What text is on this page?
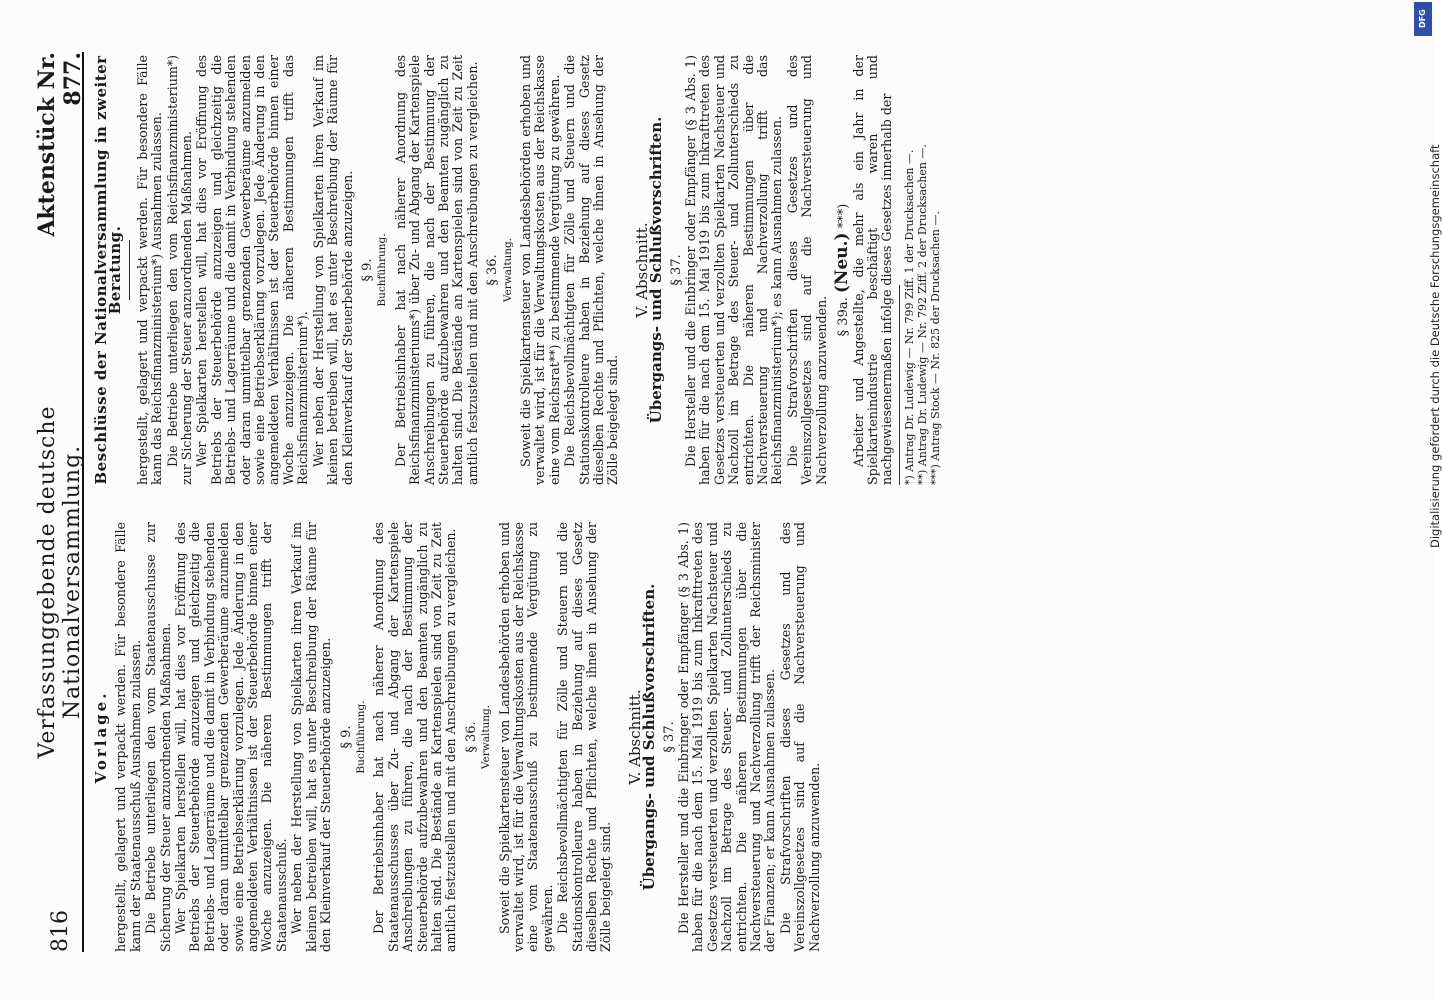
816
Verfassunggebende deutsche Nationalversammlung.
Aktenstück Nr. 877.
Vorlage. hergestellt, gelagert und verpackt werden. Für besondere Fälle kann der Staatenausschuß Ausnahmen zulassen. Die Betriebe unterliegen den vom Staatenausschusse zur Sicherung der Steuer anzuordnenden Maßnahmen. Wer Spielkarten herstellen will, hat dies vor Eröffnung des Betriebs der Steuerbehörde anzuzeigen und gleichzeitig die Betriebs- und Lagerräume und die damit in Verbindung stehenden oder daran unmittelbar grenzenden Gewerberäume anzumelden sowie eine Betriebserklärung vorzulegen. Jede Änderung in den angemeldeten Verhältnissen ist der Steuerbehörde binnen einer Woche anzuzeigen. Die näheren Bestimmungen trifft der Staatenausschuß. Wer neben der Herstellung von Spielkarten ihren Verkauf im kleinen betreiben will, hat es unter Beschreibung der Räume für den Kleinverkauf der Steuerbehörde anzuzeigen. § 9. Buchführung. Der Betriebsinhaber hat nach näherer Anordnung des Staatenausschusses über Zu- und Abgang der Kartenspiele Anschreibungen zu führen, die nach der Bestimmung der Steuerbehörde aufzubewahren und den Beamten zugänglich zu halten sind. Die Bestände an Kartenspielen sind von Zeit zu Zeit amtlich festzustellen und mit den Anschreibungen zu vergleichen. § 36. Verwaltung. Soweit die Spielkartensteuer von Landesbehörden erhoben und verwaltet wird, ist für die Verwaltungskosten aus der Reichskasse eine vom Staatenausschuß zu bestimmende Vergütung zu gewähren. Die Reichsbevollmächtigten für Zölle und Steuern und die Stationskontrolleure haben in Beziehung auf dieses Gesetz dieselben Rechte und Pflichten, welche ihnen in Ansehung der Zölle beigelegt sind.

V. Abschnitt.
Übergangs- und Schlußvorschriften. § 37. Die Hersteller und die Einbringer oder Empfänger (§ 3 Abs. 1) haben für die nach dem 15. Mai 1919 bis zum Inkrafttreten des Gesetzes versteuerten und verzollten Spielkarten Nachsteuer und Nachzoll im Betrage des Steuer- und Zollunterschieds zu entrichten. Die näheren Bestimmungen über die Nachversteuerung und Nachverzollung trifft der Reichsminister der Finanzen; er kann Ausnahmen zulassen. Die Strafvorschriften dieses Gesetzes und des Vereinszollgesetzes sind auf die Nachversteuerung und Nachverzollung anzuwenden.

Beschlüsse der Nationalversammlung in zweiter Beratung. hergestellt, gelagert und verpackt werden. Für besondere Fälle kann das Reichsfinanzministerium*) Ausnahmen zulassen. Die Betriebe unterliegen den vom Reichsfinanzministerium*) zur Sicherung der Steuer anzuordnenden Maßnahmen. Wer Spielkarten herstellen will, hat dies vor Eröffnung des Betriebs der Steuerbehörde anzuzeigen und gleichzeitig die Betriebs- und Lagerräume und die damit in Verbindung stehenden oder daran unmittelbar grenzenden Gewerberäume anzumelden sowie eine Betriebserklärung vorzulegen. Jede Änderung in den angemeldeten Verhältnissen ist der Steuerbehörde binnen einer Woche anzuzeigen. Die näheren Bestimmungen trifft das Reichsfinanzministerium*). Wer neben der Herstellung von Spielkarten ihren Verkauf im kleinen betreiben will, hat es unter Beschreibung der Räume für den Kleinverkauf der Steuerbehörde anzuzeigen. § 9. Buchführung. Der Betriebsinhaber hat nach näherer Anordnung des Reichsfinanzministeriums*) über Zu- und Abgang der Kartenspiele Anschreibungen zu führen, die nach der Bestimmung der Steuerbehörde aufzubewahren und den Beamten zugänglich zu halten sind. Die Bestände an Kartenspielen sind von Zeit zu Zeit amtlich festzustellen und mit den Anschreibungen zu vergleichen. § 36. Verwaltung. Soweit die Spielkartensteuer von Landesbehörden erhoben und verwaltet wird, ist für die Verwaltungskosten aus der Reichskasse eine vom Reichsrat**) zu bestimmende Vergütung zu gewähren. Die Reichsbevollmächtigten für Zölle und Steuern und die Stationskontrolleure haben in Beziehung auf dieses Gesetz dieselben Rechte und Pflichten, welche ihnen in Ansehung der Zölle beigelegt sind.

V. Abschnitt.
Übergangs- und Schlußvorschriften. § 37. Die Hersteller und die Einbringer oder Empfänger (§ 3 Abs. 1) haben für die nach dem 15. Mai 1919 bis zum Inkrafttreten des Gesetzes versteuerten und verzollten Spielkarten Nachsteuer und Nachzoll im Betrage des Steuer- und Zollunterschieds zu entrichten. Die näheren Bestimmungen über die Nachversteuerung und Nachverzollung trifft das Reichsfinanzministerium*); es kann Ausnahmen zulassen. Die Strafvorschriften dieses Gesetzes und des Vereinszollgesetzes sind auf die Nachversteuerung und Nachverzollung anzuwenden. § 39a. (Neu.) ***) Arbeiter und Angestellte, die mehr als ein Jahr in der Spielkartenindustrie beschäftigt waren und nachgewiesenermaßen infolge dieses Gesetzes innerhalb der *) Antrag Dr. Ludewig — Nr. 799 Ziff. 1 der Drucksachen —. **) Antrag Dr. Ludewig — Nr. 792 Ziff. 2 der Drucksachen —. ***) Antrag Stock — Nr. 825 der Drucksachen —.
DFG
Digitalisierung gefördert durch die Deutsche Forschungsgemeinschaft
